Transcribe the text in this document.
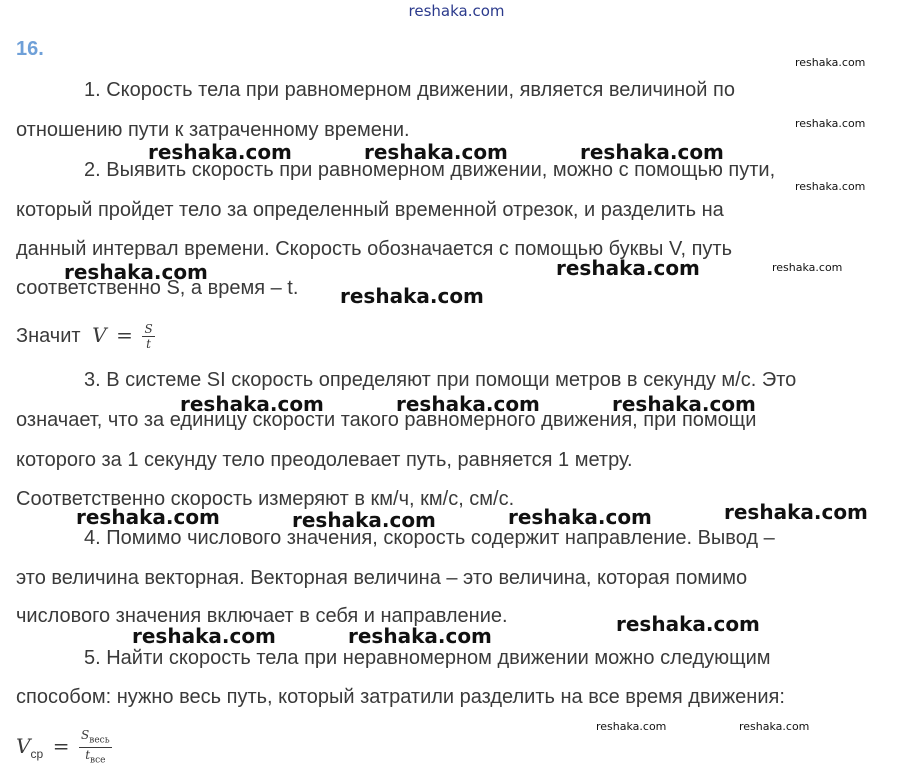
reshaka.com
16.
1. Скорость тела при равномерном движении, является величиной по
отношению пути к затраченному времени.
2. Выявить скорость при равномерном движении, можно с помощью пути,
который пройдет тело за определенный временной отрезок, и разделить на
данный интервал времени. Скорость обозначается с помощью буквы V, путь
соответственно S, а время – t.
Значит $V = \frac{S}{t}$
3. В системе SI скорость определяют при помощи метров в секунду м/с. Это
означает, что за единицу скорости такого равномерного движения, при помощи
которого за 1 секунду тело преодолевает путь, равняется 1 метру.
Соответственно скорость измеряют в км/ч, км/с, см/с.
4. Помимо числового значения, скорость содержит направление. Вывод –
это величина векторная. Векторная величина – это величина, которая помимо
числового значения включает в себя и направление.
5. Найти скорость тела при неравномерном движении можно следующим
способом: нужно весь путь, который затратили разделить на все время движения:
$V_{ср} = \frac{S_{весь}}{t_{все}}$
reshaka.com
reshaka.com
reshaka.com
reshaka.com
reshaka.com	reshaka.com
reshaka.com	reshaka.com	reshaka.com
reshaka.com	reshaka.com
reshaka.com
reshaka.com	reshaka.com	reshaka.com
reshaka.com	reshaka.com	reshaka.com	reshaka.com
reshaka.com	reshaka.com	reshaka.com
